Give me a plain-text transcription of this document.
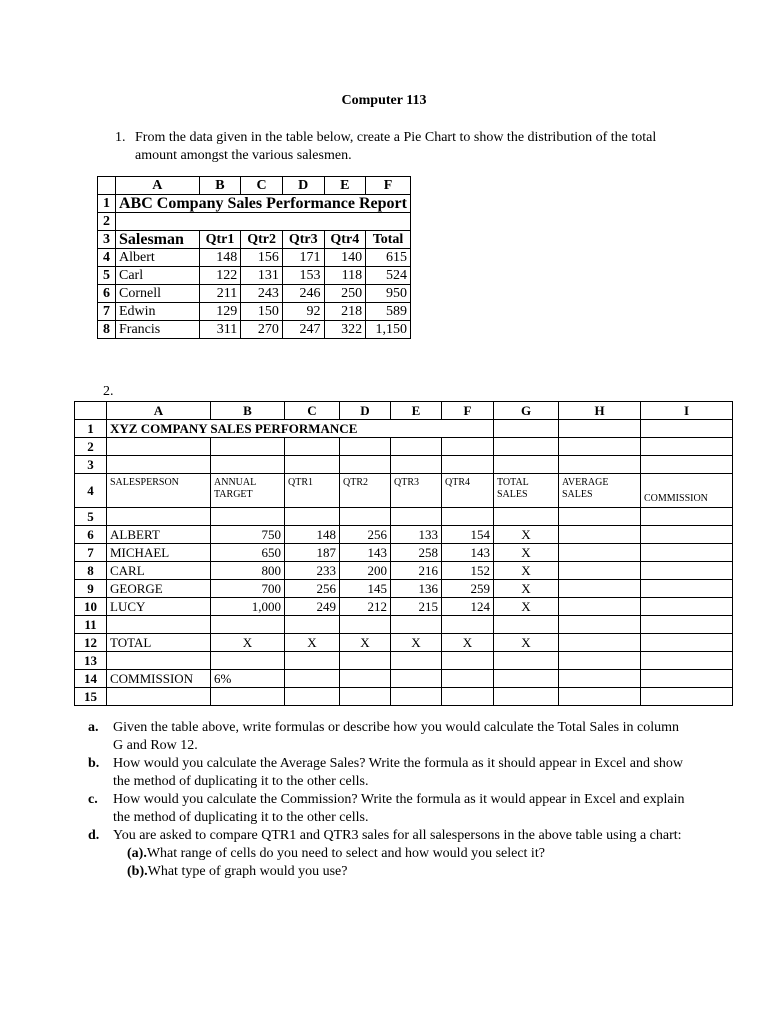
Computer 113
1. From the data given in the table below, create a Pie Chart to show the distribution of the total amount amongst the various salesmen.
	A	B	C	D	E	F
1	ABC Company Sales Performance Report					
2						
3	Salesman	Qtr1	Qtr2	Qtr3	Qtr4	Total
4	Albert	148	156	171	140	615
5	Carl	122	131	153	118	524
6	Cornell	211	243	246	250	950
7	Edwin	129	150	92	218	589
8	Francis	311	270	247	322	1,150
2.
	A	B	C	D	E	F	G	H	I
1	XYZ COMPANY SALES PERFORMANCE								
2									
3									
4	SALESPERSON	ANNUAL TARGET	QTR1	QTR2	QTR3	QTR4	TOTAL SALES	AVERAGE SALES	COMMISSION
5									
6	ALBERT	750	148	256	133	154	X		
7	MICHAEL	650	187	143	258	143	X		
8	CARL	800	233	200	216	152	X		
9	GEORGE	700	256	145	136	259	X		
10	LUCY	1,000	249	212	215	124	X		
11									
12	TOTAL	X	X	X	X	X	X		
13									
14	COMMISSION	6%							
15									
a. Given the table above, write formulas or describe how you would calculate the Total Sales in column G and Row 12.
b. How would you calculate the Average Sales? Write the formula as it should appear in Excel and show the method of duplicating it to the other cells.
c. How would you calculate the Commission? Write the formula as it would appear in Excel and explain the method of duplicating it to the other cells.
d. You are asked to compare QTR1 and QTR3 sales for all salespersons in the above table using a chart:
(a).What range of cells do you need to select and how would you select it?
(b).What type of graph would you use?
